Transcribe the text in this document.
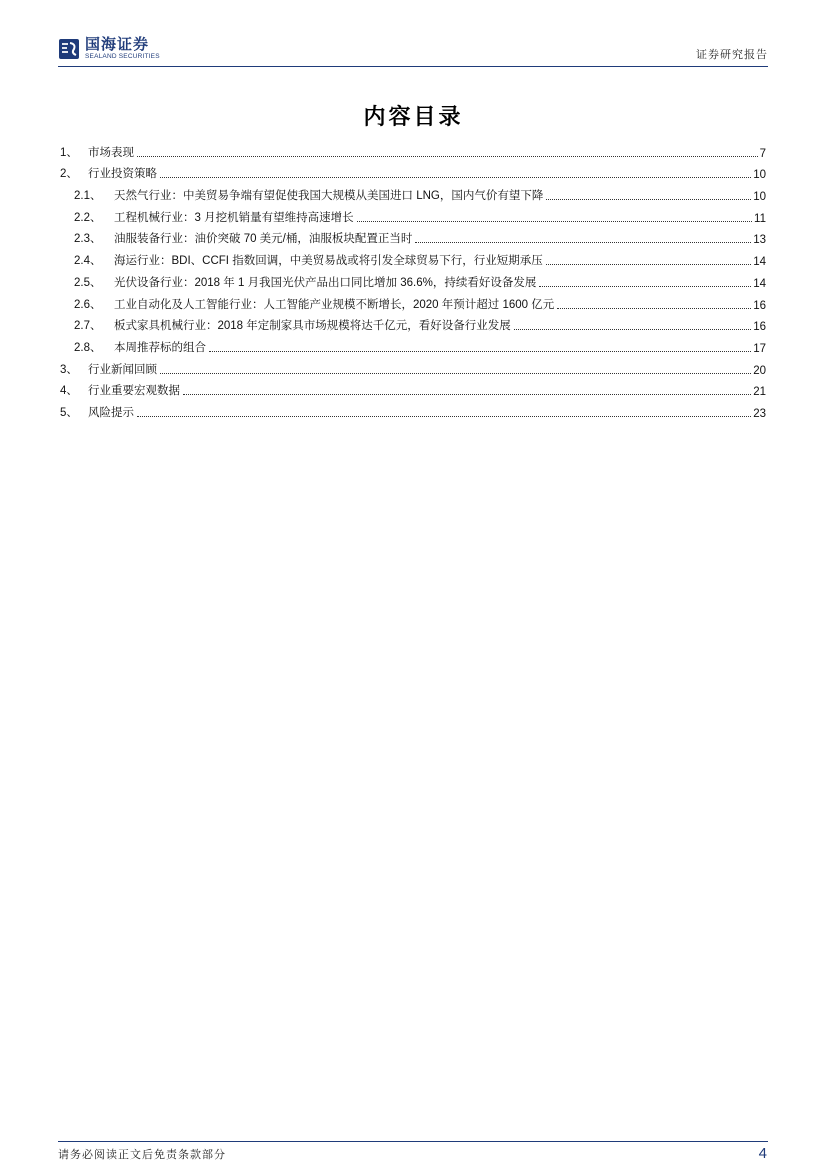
国海证券
SEALAND SECURITIES	证券研究报告
内容目录
1、 市场表现	7
2、 行业投资策略	10
2.1、	天然气行业：中美贸易争端有望促使我国大规模从美国进口 LNG，国内气价有望下降	10
2.2、	工程机械行业：3 月挖机销量有望维持高速增长	11
2.3、	油服装备行业：油价突破 70 美元/桶，油服板块配置正当时	13
2.4、	海运行业：BDI、CCFI 指数回调，中美贸易战或将引发全球贸易下行，行业短期承压	14
2.5、	光伏设备行业：2018 年 1 月我国光伏产品出口同比增加 36.6%，持续看好设备发展	14
2.6、	工业自动化及人工智能行业：人工智能产业规模不断增长，2020 年预计超过 1600 亿元	16
2.7、	板式家具机械行业：2018 年定制家具市场规模将达千亿元，看好设备行业发展	16
2.8、	本周推荐标的组合	17
3、 行业新闻回顾	20
4、 行业重要宏观数据	21
5、 风险提示	23
请务必阅读正文后免责条款部分	4
